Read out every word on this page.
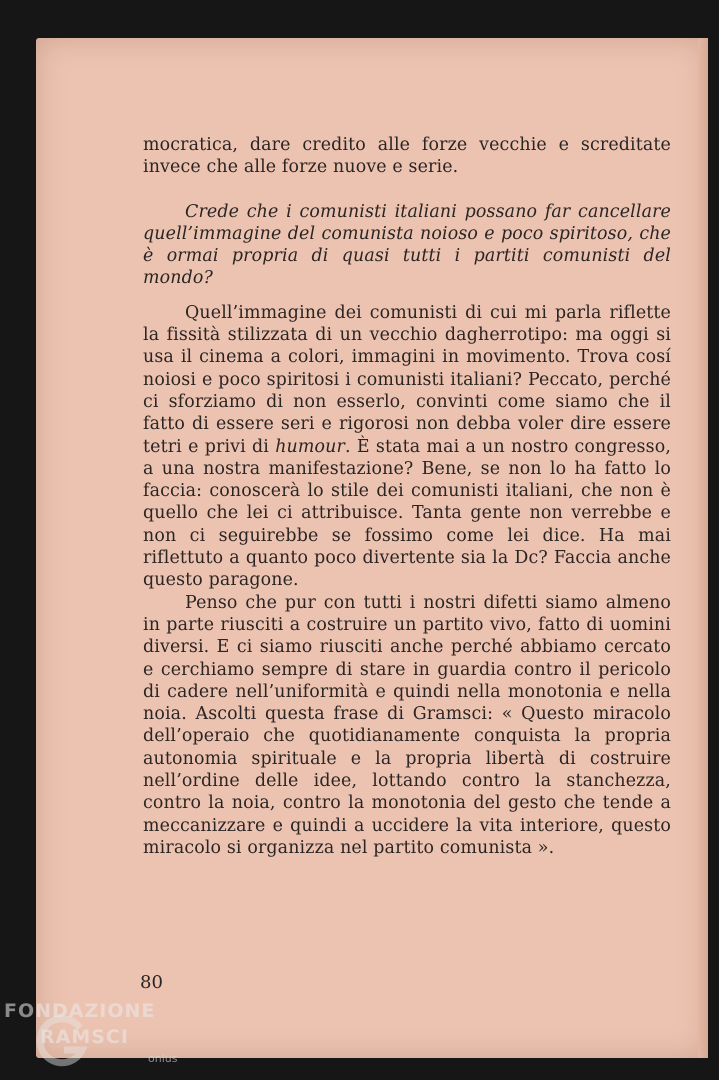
mocratica, dare credito alle forze vecchie e screditate invece che alle forze nuove e serie.

Crede che i comunisti italiani possano far cancellare quell’immagine del comunista noioso e poco spiritoso, che è ormai propria di quasi tutti i partiti comunisti del mondo?

Quell’immagine dei comunisti di cui mi parla riflette la fissità stilizzata di un vecchio dagherrotipo: ma oggi si usa il cinema a colori, immagini in movimento. Trova cosí noiosi e poco spiritosi i comunisti italiani? Peccato, perché ci sforziamo di non esserlo, convinti come siamo che il fatto di essere seri e rigorosi non debba voler dire essere tetri e privi di humour. È stata mai a un nostro congresso, a una nostra manifestazione? Bene, se non lo ha fatto lo faccia: conoscerà lo stile dei comunisti italiani, che non è quello che lei ci attribuisce. Tanta gente non verrebbe e non ci seguirebbe se fossimo come lei dice. Ha mai riflettuto a quanto poco divertente sia la Dc? Faccia anche questo paragone.

Penso che pur con tutti i nostri difetti siamo almeno in parte riusciti a costruire un partito vivo, fatto di uomini diversi. E ci siamo riusciti anche perché abbiamo cercato e cerchiamo sempre di stare in guardia contro il pericolo di cadere nell’uniformità e quindi nella monotonia e nella noia. Ascolti questa frase di Gramsci: « Questo miracolo dell’operaio che quotidianamente conquista la propria autonomia spirituale e la propria libertà di costruire nell’ordine delle idee, lottando contro la stanchezza, contro la noia, contro la monotonia del gesto che tende a meccanizzare e quindi a uccidere la vita interiore, questo miracolo si organizza nel partito comunista ».

80
FONDAZIONE
RAMSCI
onlus
